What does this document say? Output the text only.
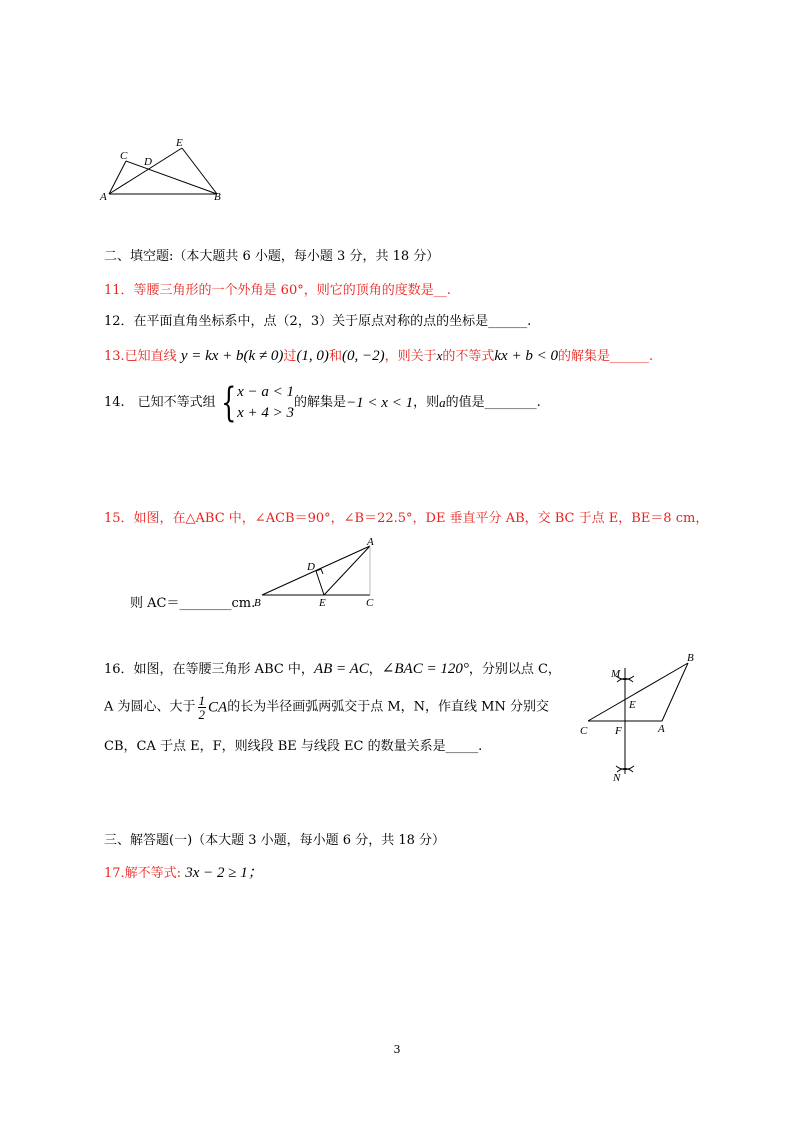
C D
E
A	B
二、填空题:（本大题共 6 小题，每小题 3 分，共 18 分）
11．等腰三角形的一个外角是 60°，则它的顶角的度数是__.
12．在平面直角坐标系中，点（2，3）关于原点对称的点的坐标是______.
13.已知直线 y = kx + b(k ≠ 0)过(1, 0)和(0, −2)，则关于x的不等式kx + b < 0的解集是______.
14.　已知不等式组 { x − a < 1
x + 4 > 3
的解集是−1 < x < 1，则a的值是________.
15．如图，在△ABC 中，∠ACB＝90°，∠B＝22.5°，DE 垂直平分 AB，交 BC 于点 E，BE＝8 cm，
则 AC＝________cm.
A
D
B	E	C
16．如图，在等腰三角形 ABC 中，AB = AC，∠BAC = 120°，分别以点 C，
A 为圆心、大于 $\frac{1}{2}$ CA的长为半径画弧两弧交于点 M，N，作直线 MN 分别交
CB，CA 于点 E，F，则线段 BE 与线段 EC 的数量关系是_____.
M
B
E
C	F	A
N
三、解答题(一)（本大题 3 小题，每小题 6 分，共 18 分）
17.解不等式: 3x − 2 ≥ 1；
3
